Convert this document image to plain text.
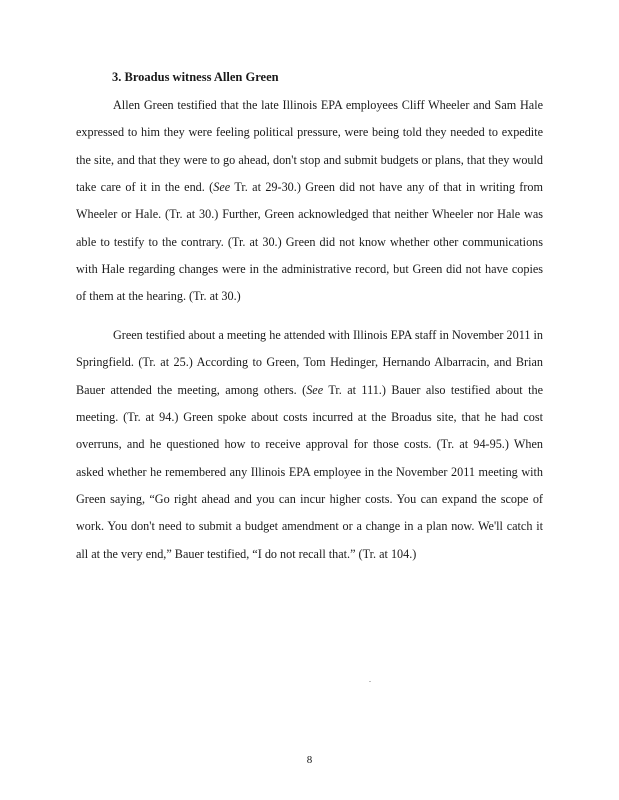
3. Broadus witness Allen Green

Allen Green testified that the late Illinois EPA employees Cliff Wheeler and Sam Hale expressed to him they were feeling political pressure, were being told they needed to expedite the site, and that they were to go ahead, don't stop and submit budgets or plans, that they would take care of it in the end. (See Tr. at 29-30.) Green did not have any of that in writing from Wheeler or Hale. (Tr. at 30.) Further, Green acknowledged that neither Wheeler nor Hale was able to testify to the contrary. (Tr. at 30.) Green did not know whether other communications with Hale regarding changes were in the administrative record, but Green did not have copies of them at the hearing. (Tr. at 30.)

Green testified about a meeting he attended with Illinois EPA staff in November 2011 in Springfield. (Tr. at 25.) According to Green, Tom Hedinger, Hernando Albarracin, and Brian Bauer attended the meeting, among others. (See Tr. at 111.) Bauer also testified about the meeting. (Tr. at 94.) Green spoke about costs incurred at the Broadus site, that he had cost overruns, and he questioned how to receive approval for those costs. (Tr. at 94-95.) When asked whether he remembered any Illinois EPA employee in the November 2011 meeting with Green saying, “Go right ahead and you can incur higher costs. You can expand the scope of work. You don't need to submit a budget amendment or a change in a plan now. We'll catch it all at the very end,” Bauer testified, “I do not recall that.” (Tr. at 104.)

.
8
